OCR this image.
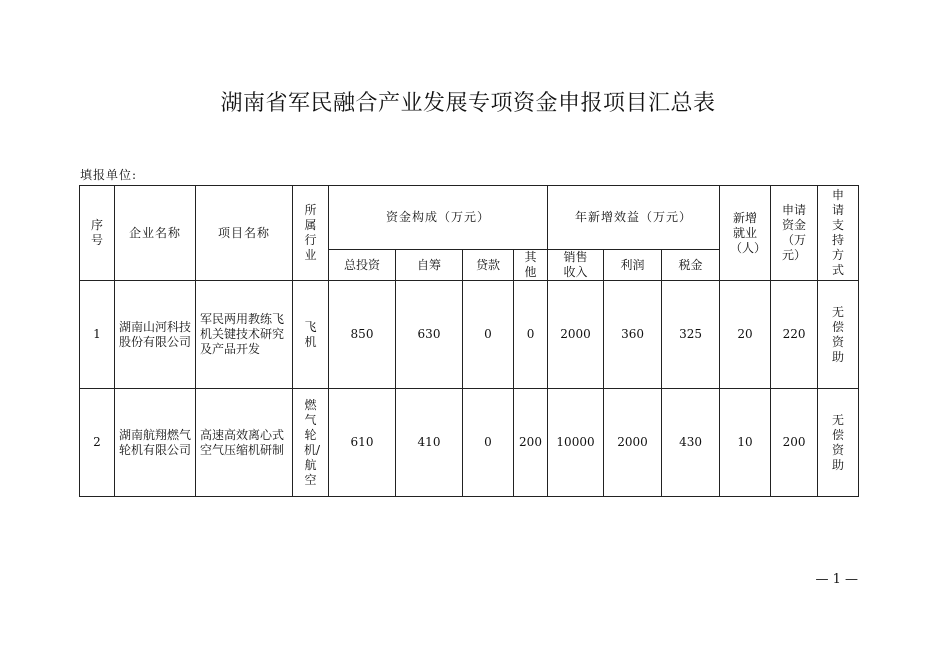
湖南省军民融合产业发展专项资金申报项目汇总表
填报单位:
序号	企业名称	项目名称	所属行业	资金构成（万元）				年新增效益（万元）			新增就业（人）	申请资金（万元）	申请支持方式
				总投资	自筹	贷款	其他	销售收入	利润	税金			
1	湖南山河科技股份有限公司	军民两用教练飞机关键技术研究及产品开发	飞机	850	630	0	0	2000	360	325	20	220	无偿资助
2	湖南航翔燃气轮机有限公司	高速高效离心式空气压缩机研制	燃气轮机/航空	610	410	0	200	10000	2000	430	10	200	无偿资助
— 1 —
